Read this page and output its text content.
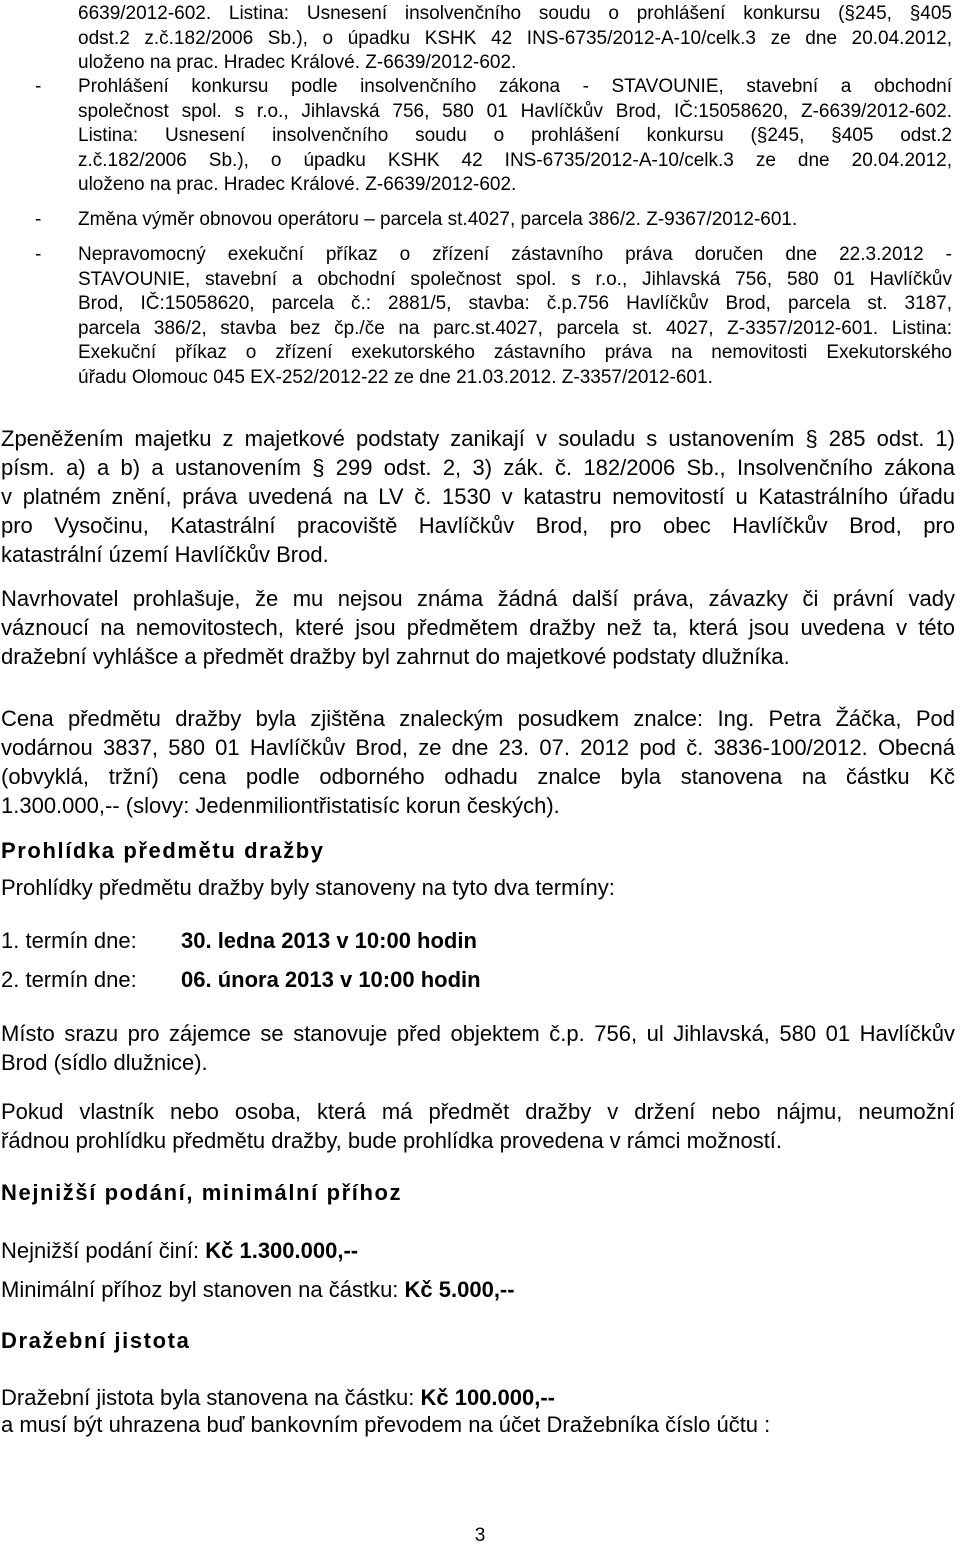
6639/2012-602. Listina: Usnesení insolvenčního soudu o prohlášení konkursu (§245, §405
odst.2 z.č.182/2006 Sb.), o úpadku KSHK 42 INS-6735/2012-A-10/celk.3 ze dne 20.04.2012,
uloženo na prac. Hradec Králové. Z-6639/2012-602.
- Prohlášení konkursu podle insolvenčního zákona - STAVOUNIE, stavební a obchodní
společnost spol. s r.o., Jihlavská 756, 580 01 Havlíčkův Brod, IČ:15058620, Z-6639/2012-602.
Listina: Usnesení insolvenčního soudu o prohlášení konkursu (§245, §405 odst.2
z.č.182/2006 Sb.), o úpadku KSHK 42 INS-6735/2012-A-10/celk.3 ze dne 20.04.2012,
uloženo na prac. Hradec Králové. Z-6639/2012-602.
- Změna výměr obnovou operátoru – parcela st.4027, parcela 386/2. Z-9367/2012-601.
- Nepravomocný exekuční příkaz o zřízení zástavního práva doručen dne 22.3.2012 -
STAVOUNIE, stavební a obchodní společnost spol. s r.o., Jihlavská 756, 580 01 Havlíčkův
Brod, IČ:15058620, parcela č.: 2881/5, stavba: č.p.756 Havlíčkův Brod, parcela st. 3187,
parcela 386/2, stavba bez čp./če na parc.st.4027, parcela st. 4027, Z-3357/2012-601. Listina:
Exekuční příkaz o zřízení exekutorského zástavního práva na nemovitosti Exekutorského
úřadu Olomouc 045 EX-252/2012-22 ze dne 21.03.2012. Z-3357/2012-601.
Zpeněžením majetku z majetkové podstaty zanikají v souladu s ustanovením § 285 odst. 1)
písm. a) a b) a ustanovením § 299 odst. 2, 3) zák. č. 182/2006 Sb., Insolvenčního zákona
v platném znění, práva uvedená na LV č. 1530 v katastru nemovitostí u Katastrálního úřadu
pro Vysočinu, Katastrální pracoviště Havlíčkův Brod, pro obec Havlíčkův Brod, pro
katastrální území Havlíčkův Brod.
Navrhovatel prohlašuje, že mu nejsou známa žádná další práva, závazky či právní vady
váznoucí na nemovitostech, které jsou předmětem dražby než ta, která jsou uvedena v této
dražební vyhlášce a předmět dražby byl zahrnut do majetkové podstaty dlužníka.
Cena předmětu dražby byla zjištěna znaleckým posudkem znalce: Ing. Petra Žáčka, Pod
vodárnou 3837, 580 01 Havlíčkův Brod, ze dne 23. 07. 2012 pod č. 3836-100/2012. Obecná
(obvyklá, tržní) cena podle odborného odhadu znalce byla stanovena na částku Kč
1.300.000,-- (slovy: Jedenmiliontřistatisíc korun českých).
Prohlídka předmětu dražby
Prohlídky předmětu dražby byly stanoveny na tyto dva termíny:
1. termín dne: 30. ledna 2013 v 10:00 hodin
2. termín dne: 06. února 2013 v 10:00 hodin
Místo srazu pro zájemce se stanovuje před objektem č.p. 756, ul Jihlavská, 580 01 Havlíčkův
Brod (sídlo dlužnice).
Pokud vlastník nebo osoba, která má předmět dražby v držení nebo nájmu, neumožní
řádnou prohlídku předmětu dražby, bude prohlídka provedena v rámci možností.
Nejnižší podání, minimální příhoz
Nejnižší podání činí: Kč 1.300.000,--
Minimální příhoz byl stanoven na částku: Kč 5.000,--
Dražební jistota
Dražební jistota byla stanovena na částku: Kč 100.000,--
a musí být uhrazena buď bankovním převodem na účet Dražebníka číslo účtu :
3
